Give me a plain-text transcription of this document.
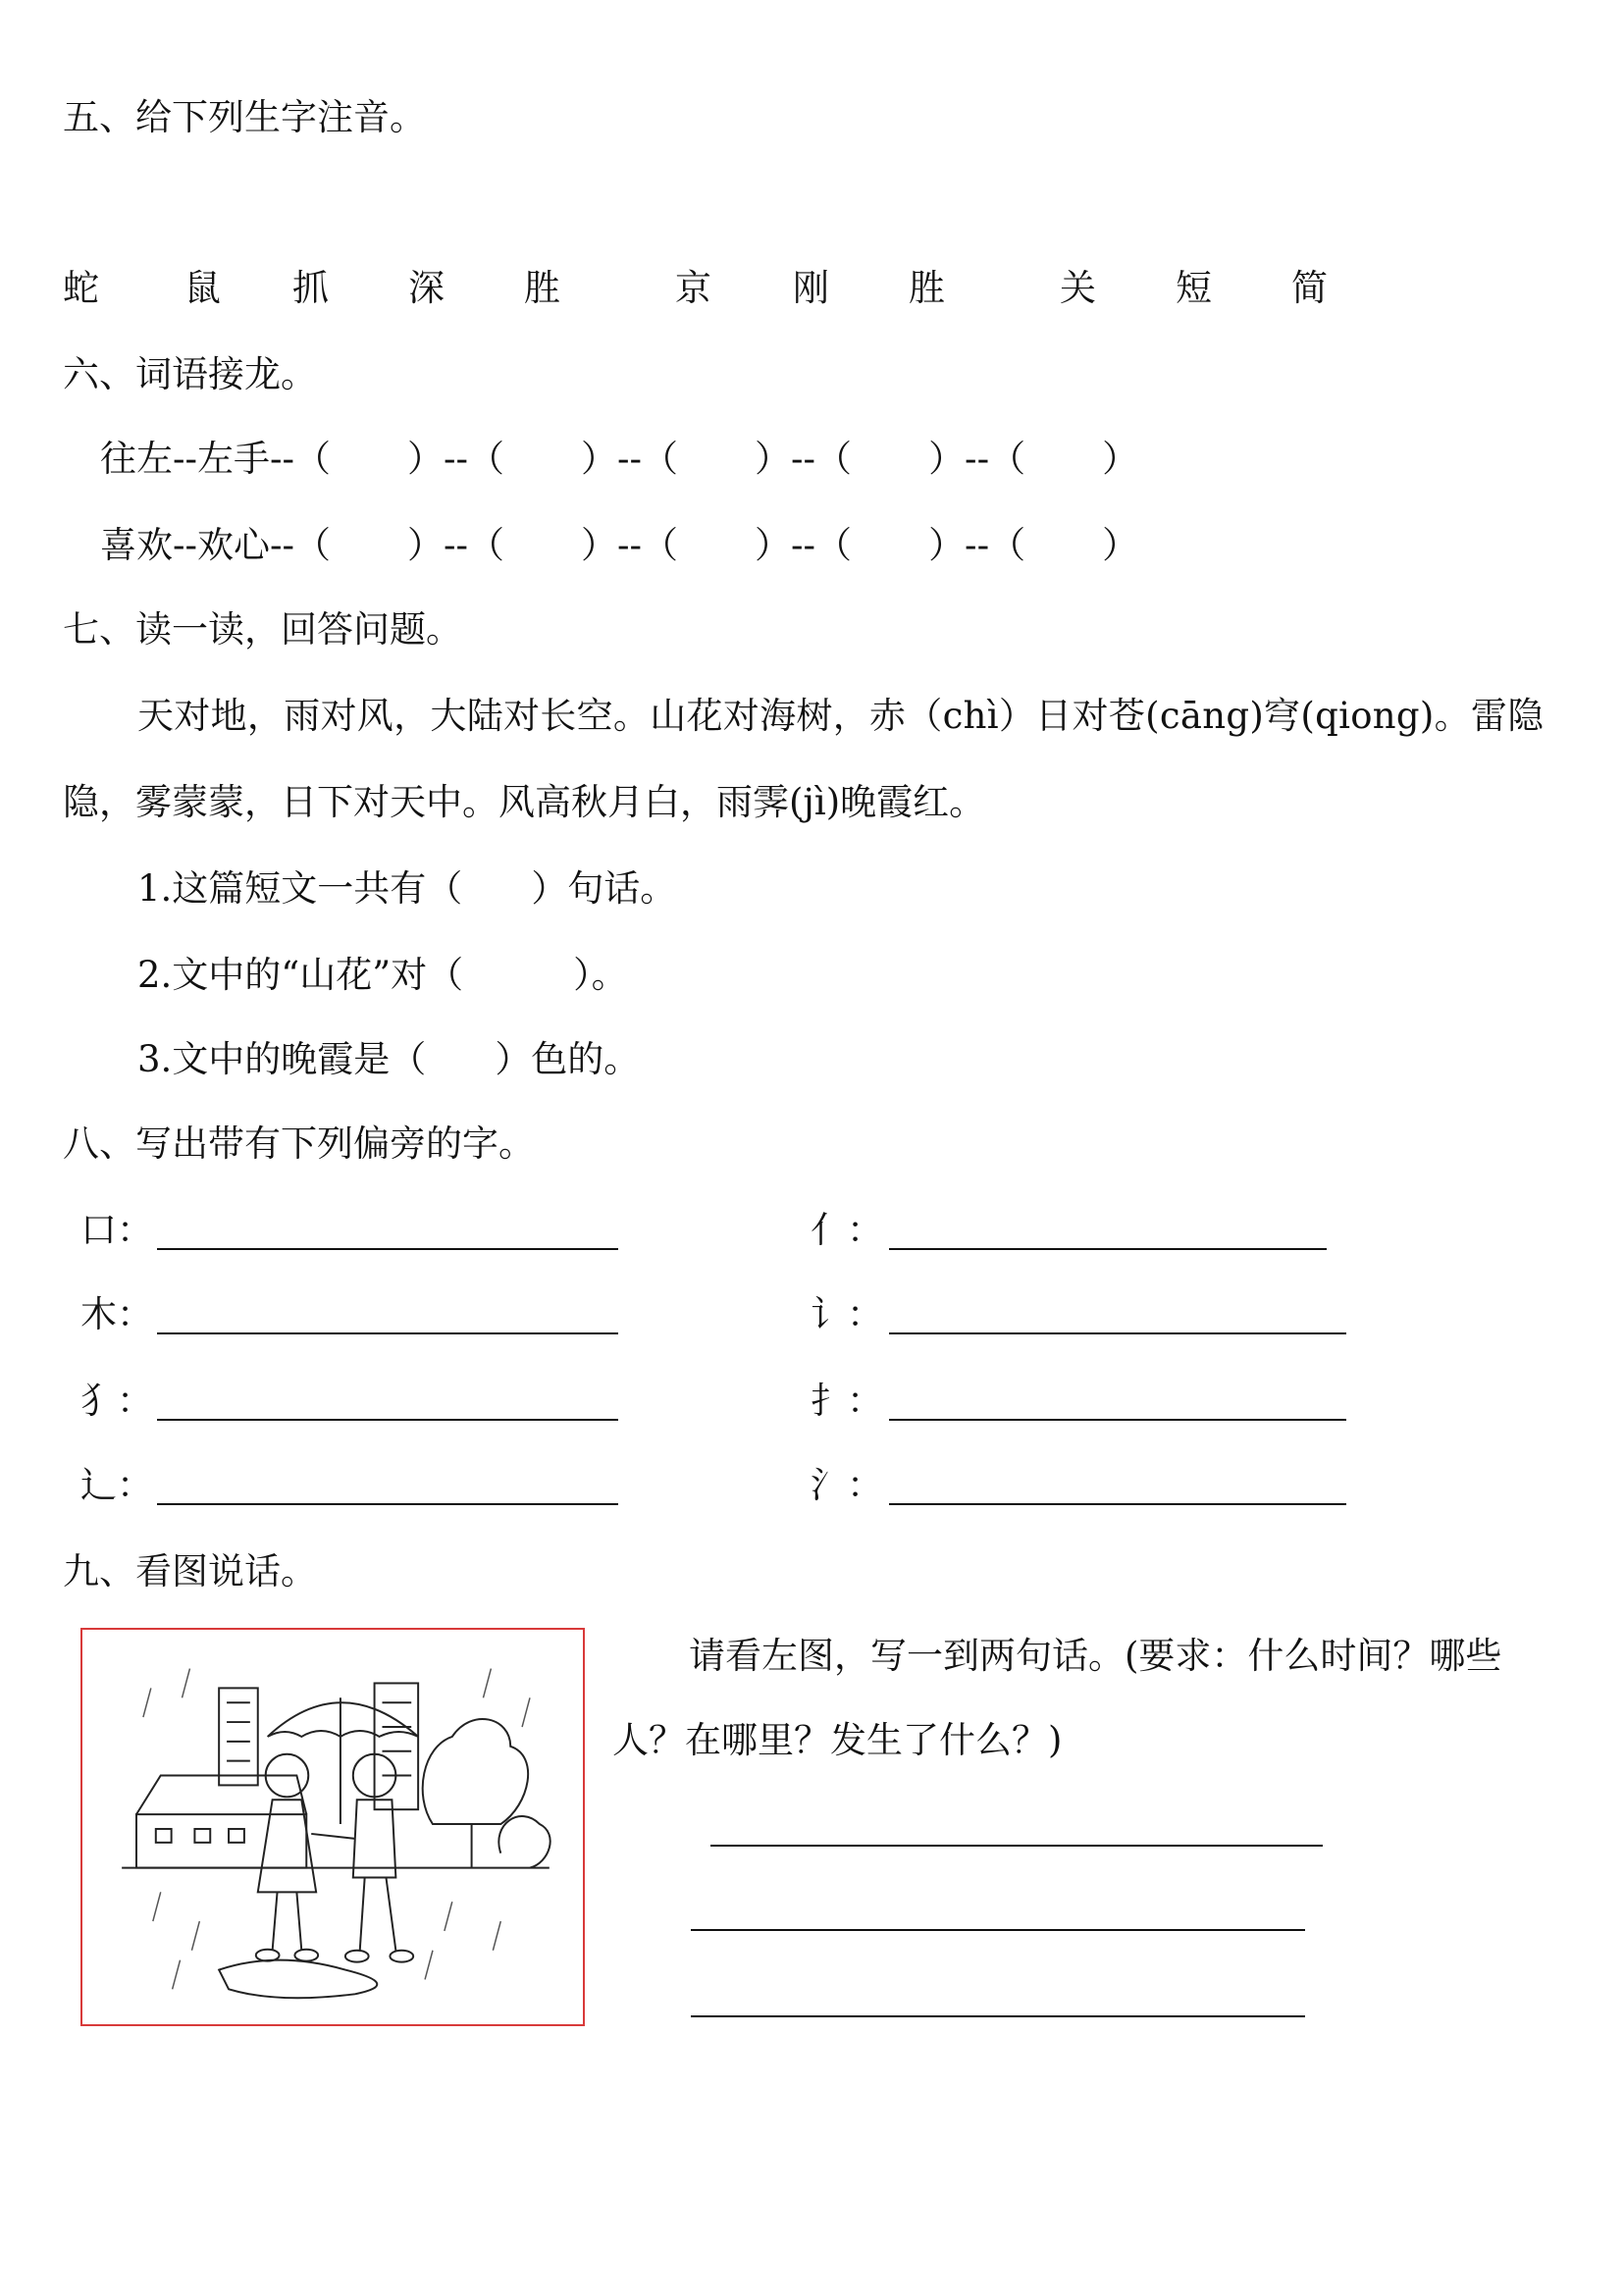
五、给下列生字注音。
蛇 鼠 抓 深 胜	京 刚 胜	关 短 简
六、词语接龙。
往左--左手--（ ）--（ ）--（ ）--（ ）--（ ）
喜欢--欢心--（ ）--（ ）--（ ）--（ ）--（ ）
七、读一读，回答问题。
天对地，雨对风，大陆对长空。山花对海树，赤（chì）日对苍(cāng)穹(qiong)。雷隐
隐，雾蒙蒙，日下对天中。风高秋月白，雨霁(jì)晚霞红。
1.这篇短文一共有（ ）句话。
2.文中的“山花”对（	）。
3.文中的晚霞是（ ）色的。
八、写出带有下列偏旁的字。
口：
木：
犭：
辶：
亻：
讠：
扌：
氵：
九、看图说话。
请看左图，写一到两句话。(要求：什么时间？哪些
人？在哪里？发生了什么？)
